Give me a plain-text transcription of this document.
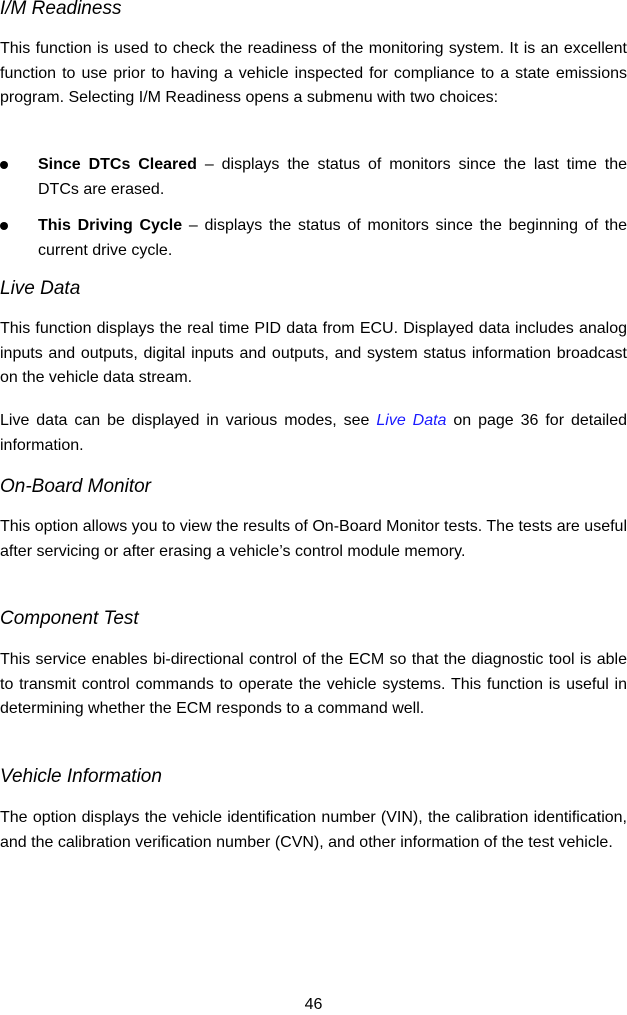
I/M Readiness

This function is used to check the readiness of the monitoring system. It is an excellent function to use prior to having a vehicle inspected for compliance to a state emissions program. Selecting I/M Readiness opens a submenu with two choices:

Since DTCs Cleared – displays the status of monitors since the last time the DTCs are erased.
This Driving Cycle – displays the status of monitors since the beginning of the current drive cycle.
Live Data

This function displays the real time PID data from ECU. Displayed data includes analog inputs and outputs, digital inputs and outputs, and system status information broadcast on the vehicle data stream.

Live data can be displayed in various modes, see Live Data on page 36 for detailed information.

On-Board Monitor

This option allows you to view the results of On-Board Monitor tests. The tests are useful after servicing or after erasing a vehicle’s control module memory.

Component Test

This service enables bi-directional control of the ECM so that the diagnostic tool is able to transmit control commands to operate the vehicle systems. This function is useful in determining whether the ECM responds to a command well.

Vehicle Information

The option displays the vehicle identification number (VIN), the calibration identification, and the calibration verification number (CVN), and other information of the test vehicle.

46
